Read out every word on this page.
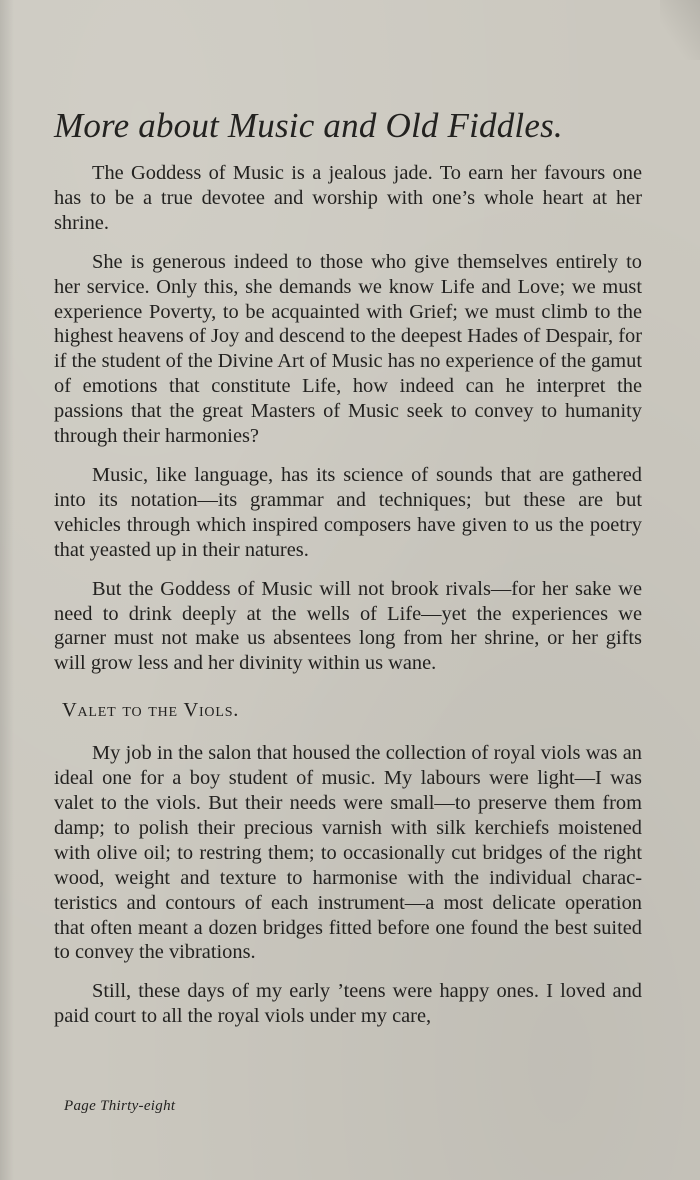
More about Music and Old Fiddles.

The Goddess of Music is a jealous jade. To earn her favours one has to be a true devotee and worship with one’s whole heart at her shrine.

She is generous indeed to those who give themselves entirely to her service. Only this, she demands we know Life and Love; we must experience Poverty, to be acquainted with Grief; we must climb to the highest heavens of Joy and descend to the deepest Hades of Despair, for if the student of the Divine Art of Music has no experience of the gamut of emotions that constitute Life, how indeed can he interpret the passions that the great Masters of Music seek to convey to humanity through their harmonies?

Music, like language, has its science of sounds that are gathered into its notation—its grammar and techniques; but these are but vehicles through which inspired composers have given to us the poetry that yeasted up in their natures.

But the Goddess of Music will not brook rivals—for her sake we need to drink deeply at the wells of Life—yet the experiences we garner must not make us absentees long from her shrine, or her gifts will grow less and her divinity within us wane.

Valet to the Viols.

My job in the salon that housed the collection of royal viols was an ideal one for a boy student of music. My labours were light—I was valet to the viols. But their needs were small—to preserve them from damp; to polish their precious varnish with silk kerchiefs moistened with olive oil; to restring them; to occasionally cut bridges of the right wood, weight and texture to harmonise with the individual characteristics and contours of each instrument—a most delicate operation that often meant a dozen bridges fitted before one found the best suited to convey the vibrations.

Still, these days of my early ’teens were happy ones. I loved and paid court to all the royal viols under my care,

Page Thirty-eight
